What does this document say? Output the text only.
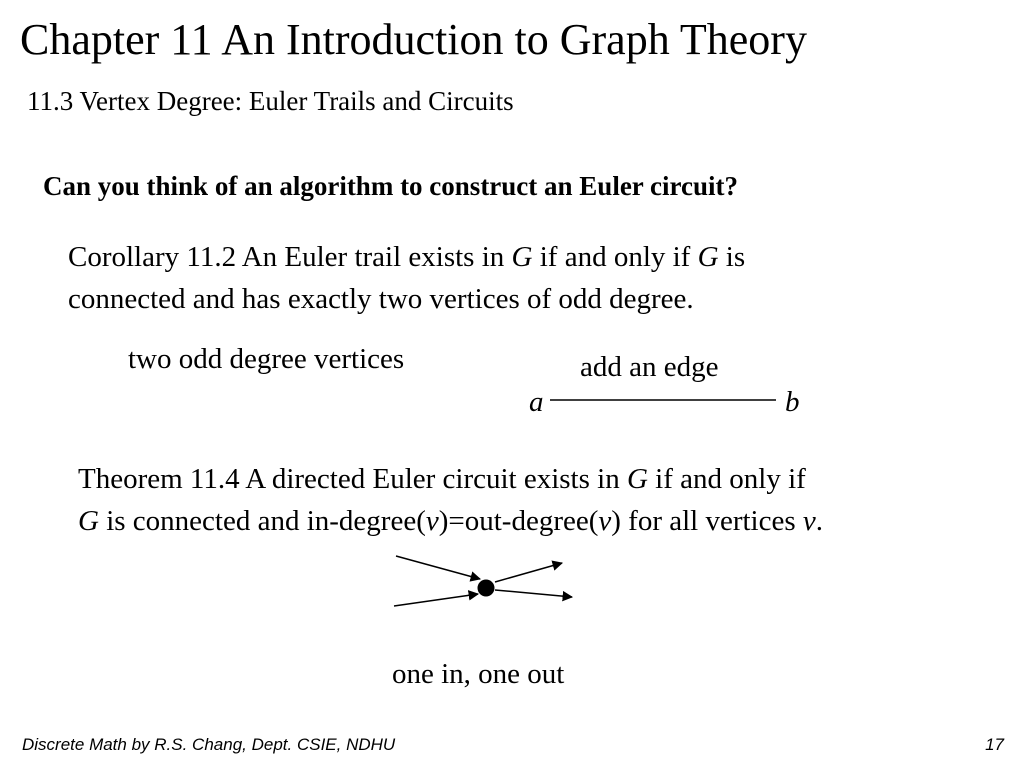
Chapter 11 An Introduction to Graph Theory
11.3 Vertex Degree: Euler Trails and Circuits
Can you think of an algorithm to construct an Euler circuit?
Corollary 11.2 An Euler trail exists in G if and only if G is
connected and has exactly two vertices of odd degree.
two odd degree vertices	add an edge
a	b
Theorem 11.4 A directed Euler circuit exists in G if and only if
G is connected and in-degree(v)=out-degree(v) for all vertices v.
one in, one out
Discrete Math by R.S. Chang, Dept. CSIE, NDHU	17
